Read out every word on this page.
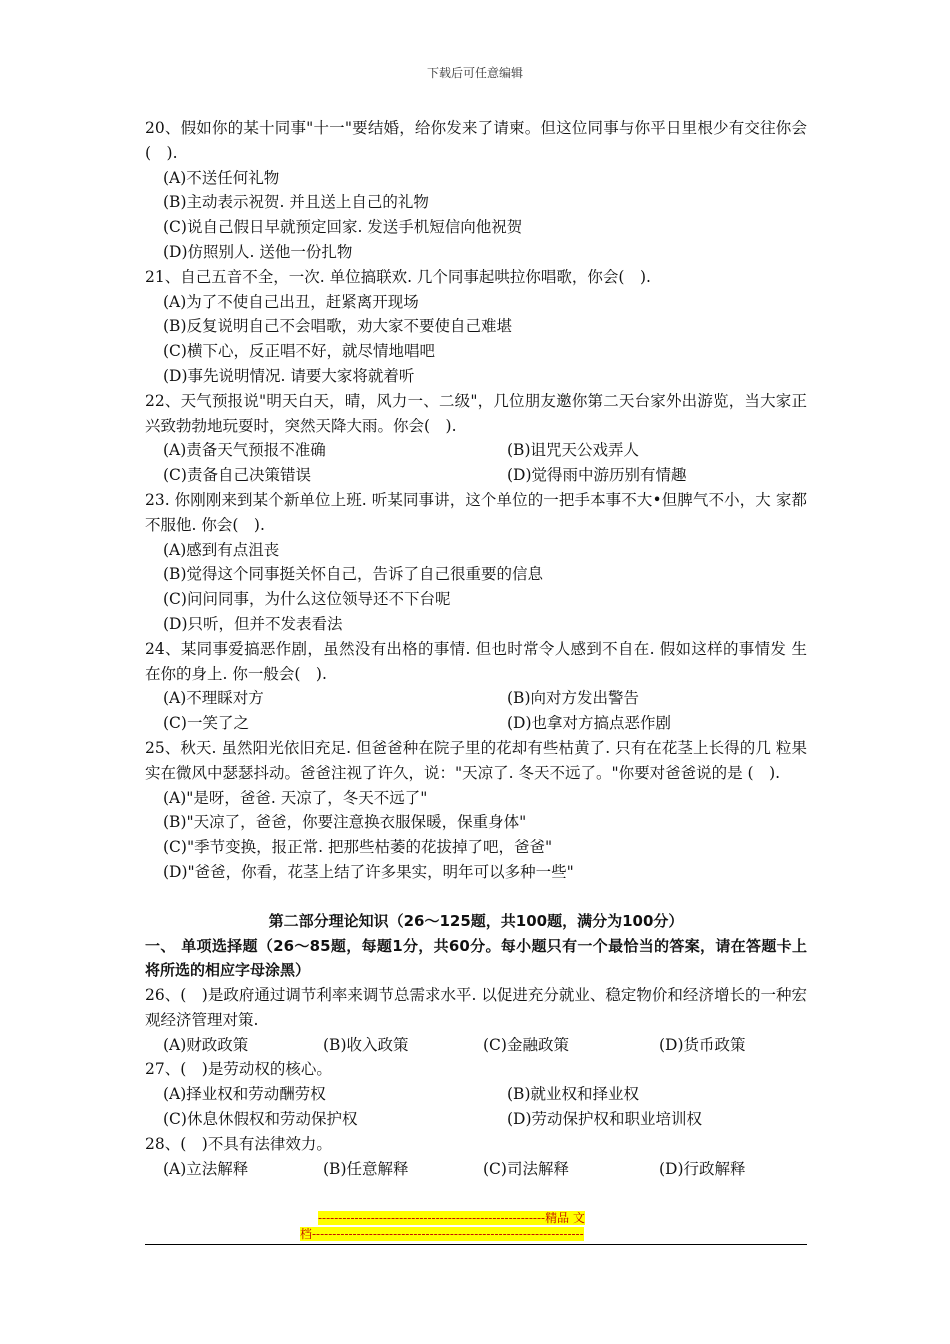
下载后可任意编辑
20、假如你的某十同事"十一"要结婚，给你发来了请柬。但这位同事与你平日里根少有交往你会(　).
(A)不送任何礼物
(B)主动表示祝贺. 并且送上自己的礼物
(C)说自己假日早就预定回家. 发送手机短信向他祝贺
(D)仿照别人. 送他一份扎物
21、自己五音不全，一次. 单位搞联欢. 几个同事起哄拉你唱歌，你会(　).
(A)为了不使自己出丑，赶紧离开现场
(B)反复说明自己不会唱歌，劝大家不要使自己难堪
(C)横下心，反正唱不好，就尽情地唱吧
(D)事先说明情况. 请要大家将就着听
22、天气预报说"明天白天，晴，风力一、二级"，几位朋友邀你第二天台家外出游览，当大家正兴致勃勃地玩耍时，突然天降大雨。你会(　).
(A)责备天气预报不准确	(B)诅咒天公戏弄人
(C)责备自己决策错误	(D)觉得雨中游历别有情趣
23. 你刚刚来到某个新单位上班. 听某同事讲，这个单位的一把手本事不大•但脾气不小，大 家都不服他. 你会(　).
(A)感到有点沮丧
(B)觉得这个同事挺关怀自己，告诉了自己很重要的信息
(C)问问同事，为什么这位领导还不下台呢
(D)只听，但并不发表看法
24、某同事爱搞恶作剧，虽然没有出格的事情. 但也时常令人感到不自在. 假如这样的事情发 生在你的身上. 你一般会(　).
(A)不理睬对方	(B)向对方发出警告
(C)一笑了之	(D)也拿对方搞点恶作剧
25、秋天. 虽然阳光依旧充足. 但爸爸种在院子里的花却有些枯黄了. 只有在花茎上长得的几 粒果实在微风中瑟瑟抖动。爸爸注视了许久，说："天凉了. 冬天不远了。"你要对爸爸说的是 (　).
(A)"是呀，爸爸. 天凉了，冬天不远了"
(B)"天凉了，爸爸，你要注意换衣服保暖，保重身体"
(C)"季节变换，报正常. 把那些枯萎的花拔掉了吧，爸爸"
(D)"爸爸，你看，花茎上结了许多果实，明年可以多种一些"
第二部分理论知识（26～125题，共100题，满分为100分）
一、 单项选择题（26～85题，每题1分，共60分。每小题只有一个最恰当的答案，请在答题卡上将所选的相应字母涂黑）
26、(　)是政府通过调节利率来调节总需求水平. 以促进充分就业、稳定物价和经济增长的一种宏观经济管理对策.
(A)财政政策	(B)收入政策	(C)金融政策	(D)货币政策
27、(　)是劳动权的核心。
(A)择业权和劳动酬劳权	(B)就业权和择业权
(C)休息休假权和劳动保护权	(D)劳动保护权和职业培训权
28、(　)不具有法律效力。
(A)立法解释	(B)任意解释	(C)司法解释	(D)行政解释
--------------------------------------------------------精品 文
档-------------------------------------------------------------------
